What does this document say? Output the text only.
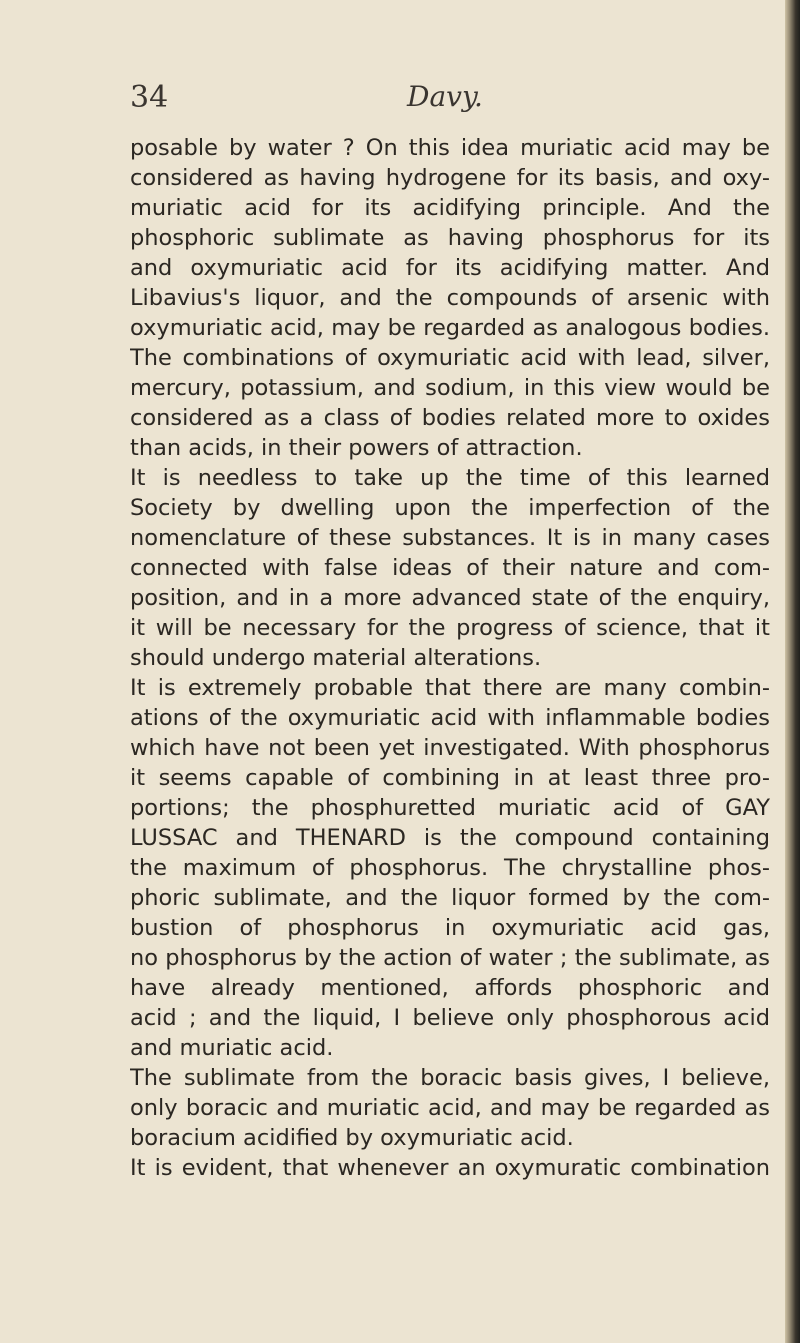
34	Davy.
posable by water ? On this idea muriatic acid may be
considered as having hydrogene for its basis, and oxy-
muriatic acid for its acidifying principle. And the
phosphoric sublimate as having phosphorus for its
and oxymuriatic acid for its acidifying matter. And
Libavius's liquor, and the compounds of arsenic with
oxymuriatic acid, may be regarded as analogous bodies.
The combinations of oxymuriatic acid with lead, silver,
mercury, potassium, and sodium, in this view would be
considered as a class of bodies related more to oxides
than acids, in their powers of attraction.
It is needless to take up the time of this learned
Society by dwelling upon the imperfection of the
nomenclature of these substances. It is in many cases
connected with false ideas of their nature and com-
position, and in a more advanced state of the enquiry,
it will be necessary for the progress of science, that it
should undergo material alterations.
It is extremely probable that there are many combin-
ations of the oxymuriatic acid with inflammable bodies
which have not been yet investigated. With phosphorus
it seems capable of combining in at least three pro-
portions; the phosphuretted muriatic acid of GAY
LUSSAC and THENARD is the compound containing
the maximum of phosphorus. The chrystalline phos-
phoric sublimate, and the liquor formed by the com-
bustion of phosphorus in oxymuriatic acid gas,
no phosphorus by the action of water ; the sublimate, as
have already mentioned, affords phosphoric and
acid ; and the liquid, I believe only phosphorous acid
and muriatic acid.
The sublimate from the boracic basis gives, I believe,
only boracic and muriatic acid, and may be regarded as
boracium acidified by oxymuriatic acid.
It is evident, that whenever an oxymuratic combination
